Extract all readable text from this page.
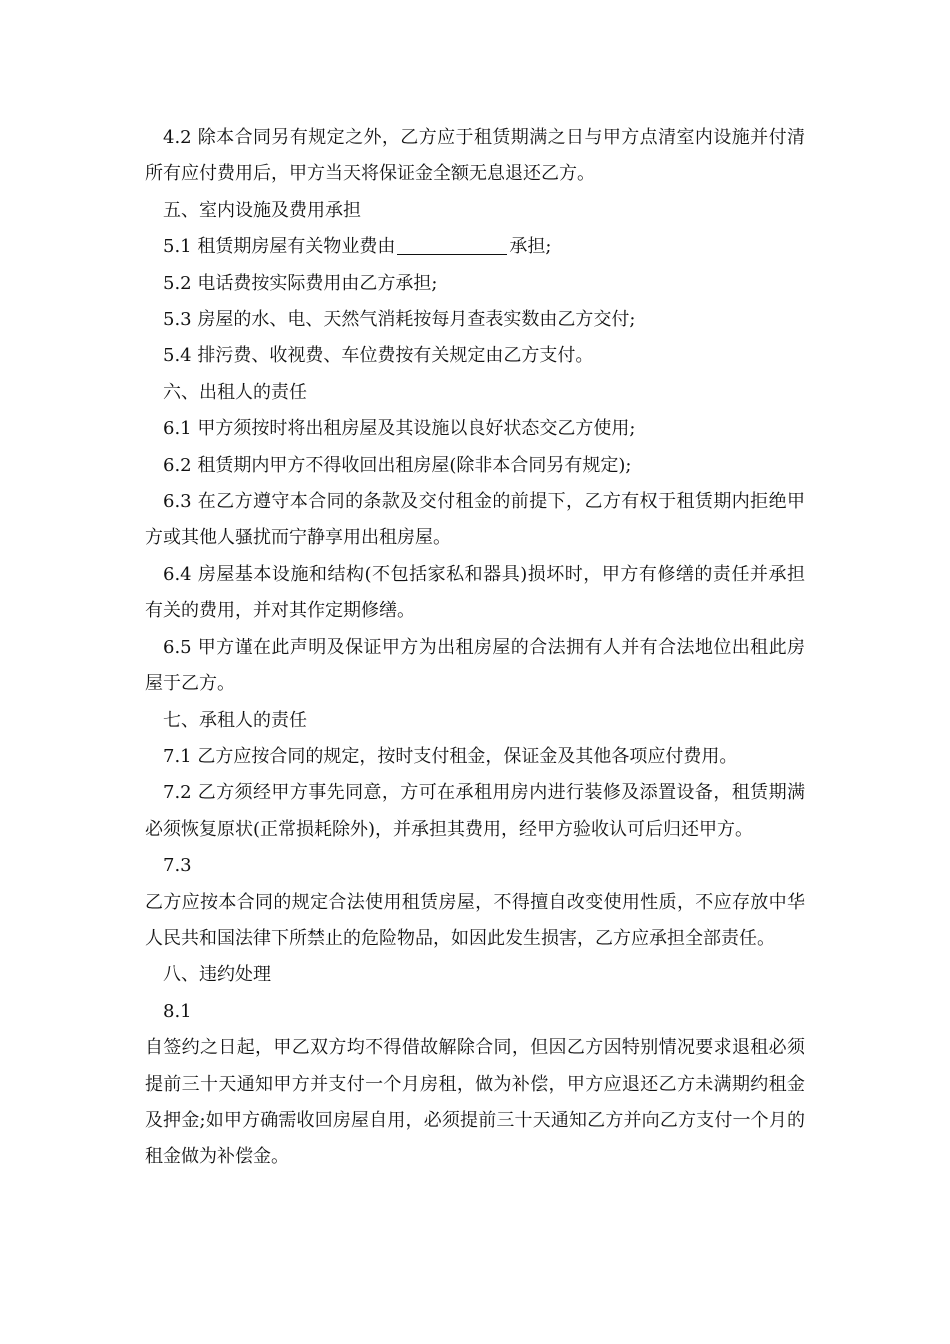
4.2 除本合同另有规定之外，乙方应于租赁期满之日与甲方点清室内设施并付清所有应付费用后，甲方当天将保证金全额无息退还乙方。

五、室内设施及费用承担

5.1 租赁期房屋有关物业费由	承担;

5.2 电话费按实际费用由乙方承担;

5.3 房屋的水、电、天然气消耗按每月查表实数由乙方交付;

5.4 排污费、收视费、车位费按有关规定由乙方支付。

六、出租人的责任

6.1 甲方须按时将出租房屋及其设施以良好状态交乙方使用;

6.2 租赁期内甲方不得收回出租房屋(除非本合同另有规定);

6.3 在乙方遵守本合同的条款及交付租金的前提下，乙方有权于租赁期内拒绝甲方或其他人骚扰而宁静享用出租房屋。

6.4 房屋基本设施和结构(不包括家私和器具)损坏时，甲方有修缮的责任并承担有关的费用，并对其作定期修缮。

6.5 甲方谨在此声明及保证甲方为出租房屋的合法拥有人并有合法地位出租此房屋于乙方。

七、承租人的责任

7.1 乙方应按合同的规定，按时支付租金，保证金及其他各项应付费用。

7.2 乙方须经甲方事先同意，方可在承租用房内进行装修及添置设备，租赁期满必须恢复原状(正常损耗除外)，并承担其费用，经甲方验收认可后归还甲方。

7.3

乙方应按本合同的规定合法使用租赁房屋，不得擅自改变使用性质，不应存放中华人民共和国法律下所禁止的危险物品，如因此发生损害，乙方应承担全部责任。

八、违约处理

8.1

自签约之日起，甲乙双方均不得借故解除合同，但因乙方因特别情况要求退租必须提前三十天通知甲方并支付一个月房租，做为补偿，甲方应退还乙方未满期约租金及押金;如甲方确需收回房屋自用，必须提前三十天通知乙方并向乙方支付一个月的租金做为补偿金。
